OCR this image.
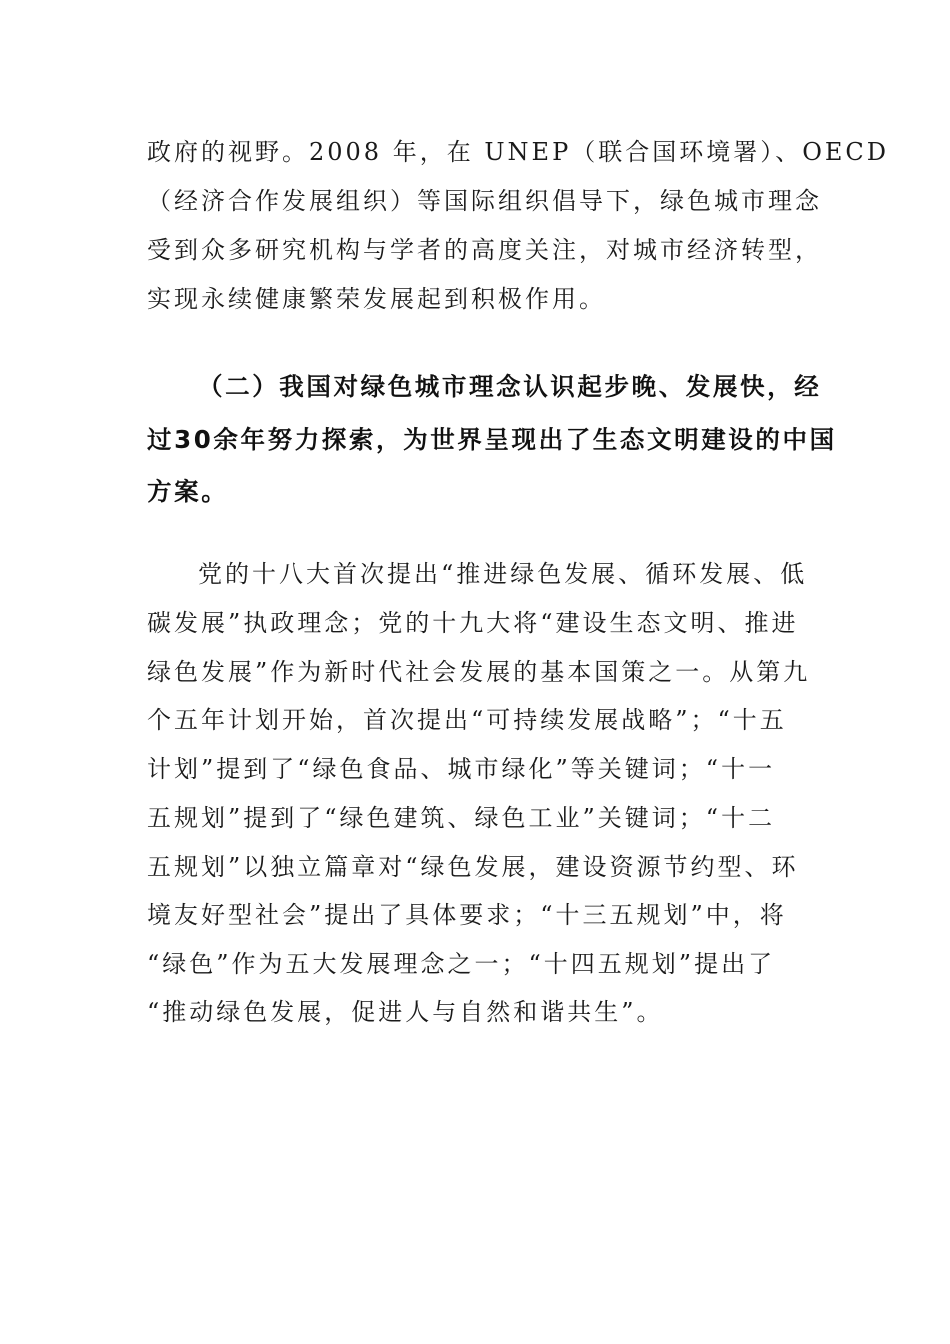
政府的视野。2008 年，在 UNEP（联合国环境署）、OECD
（经济合作发展组织）等国际组织倡导下，绿色城市理念
受到众多研究机构与学者的高度关注，对城市经济转型，
实现永续健康繁荣发展起到积极作用。
（二）我国对绿色城市理念认识起步晚、发展快，经
过30余年努力探索，为世界呈现出了生态文明建设的中国
方案。
党的十八大首次提出“推进绿色发展、循环发展、低
碳发展”执政理念；党的十九大将“建设生态文明、推进
绿色发展”作为新时代社会发展的基本国策之一。从第九
个五年计划开始，首次提出“可持续发展战略”；“十五
计划”提到了“绿色食品、城市绿化”等关键词；“十一
五规划”提到了“绿色建筑、绿色工业”关键词；“十二
五规划”以独立篇章对“绿色发展，建设资源节约型、环
境友好型社会”提出了具体要求；“十三五规划”中，将
“绿色”作为五大发展理念之一；“十四五规划”提出了
“推动绿色发展，促进人与自然和谐共生”。
